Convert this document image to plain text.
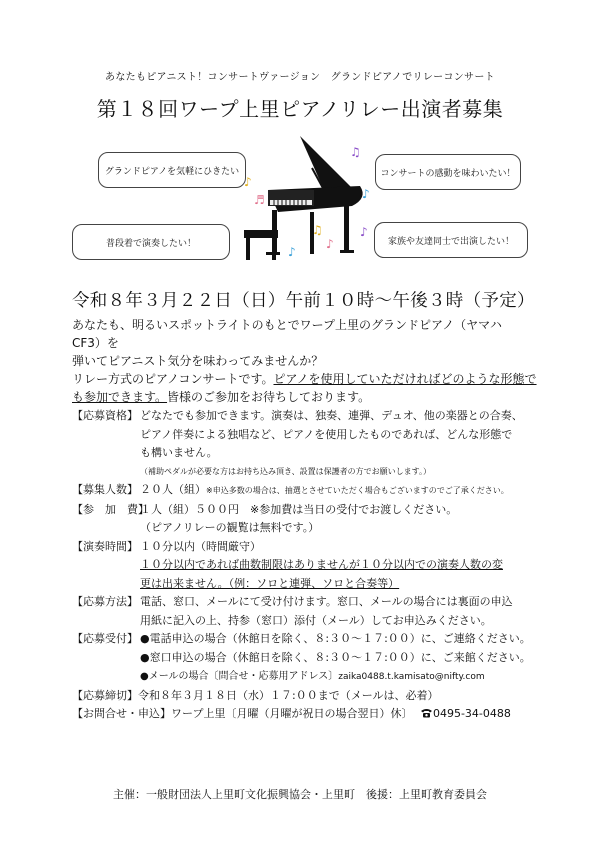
あなたもピアニスト！コンサートヴァージョン　グランドピアノでリレーコンサート
第１８回ワープ上里ピアノリレー出演者募集
グランドピアノを気軽にひきたい	コンサートの感動を味わいたい！
普段着で演奏したい！	家族や友達同士で出演したい！
♪
♫
♪
♫
♪
♪
♪
♬
令和８年３月２２日（日）午前１０時〜午後３時（予定）
あなたも、明るいスポットライトのもとでワープ上里のグランドピアノ（ヤマハ　CF3）を
弾いてピアニスト気分を味わってみませんか？
リレー方式のピアノコンサートです。ピアノを使用していただければどのような形態で
も参加できます。皆様のご参加をお待ちしております。
【応募資格】 どなたでも参加できます。演奏は、独奏、連弾、デュオ、他の楽器との合奏、
ピアノ伴奏による独唱など、ピアノを使用したものであれば、どんな形態で
も構いません。
（補助ペダルが必要な方はお持ち込み頂き、設置は保護者の方でお願いします。）
【募集人数】 ２０人（組）※申込多数の場合は、抽選とさせていただく場合もございますのでご了承ください。
【参　加　費】
１人（組）５００円　※参加費は当日の受付でお渡しください。
（ピアノリレーの観覧は無料です。）
【演奏時間】 １０分以内（時間厳守）
１０分以内であれば曲数制限はありませんが１０分以内での演奏人数の変
更は出来ません。（例：ソロと連弾、ソロと合奏等）
【応募方法】 電話、窓口、メールにて受け付けます。窓口、メールの場合には裏面の申込
用紙に記入の上、持参（窓口）添付（メール）してお申込みください。
【応募受付】 ●電話申込の場合（休館日を除く、８:３０〜１７:００）に、ご連絡ください。
●窓口申込の場合（休館日を除く、８:３０〜１７:００）に、ご来館ください。
●メールの場合〔問合せ・応募用アドレス〕zaika0488.t.kamisato@nifty.com
【応募締切】令和８年３月１８日（水）１７:００まで（メールは、必着）
【お問合せ・申込】ワープ上里〔月曜（月曜が祝日の場合翌日）休〕 0495-34-0488
主催：一般財団法人上里町文化振興協会・上里町　後援：上里町教育委員会
